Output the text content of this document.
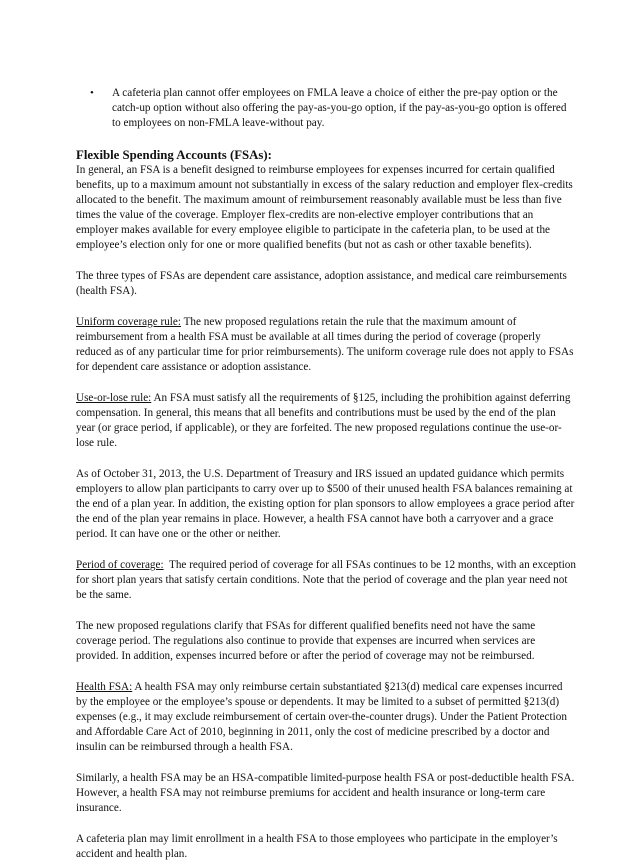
• A cafeteria plan cannot offer employees on FMLA leave a choice of either the pre-pay option or the catch-up option without also offering the pay-as-you-go option, if the pay-as-you-go option is offered to employees on non-FMLA leave-without pay.
Flexible Spending Accounts (FSAs):

In general, an FSA is a benefit designed to reimburse employees for expenses incurred for certain qualified benefits, up to a maximum amount not substantially in excess of the salary reduction and employer flex-credits allocated to the benefit. The maximum amount of reimbursement reasonably available must be less than five times the value of the coverage. Employer flex-credits are non-elective employer contributions that an employer makes available for every employee eligible to participate in the cafeteria plan, to be used at the employee’s election only for one or more qualified benefits (but not as cash or other taxable benefits).

The three types of FSAs are dependent care assistance, adoption assistance, and medical care reimbursements (health FSA).

Uniform coverage rule: The new proposed regulations retain the rule that the maximum amount of reimbursement from a health FSA must be available at all times during the period of coverage (properly reduced as of any particular time for prior reimbursements). The uniform coverage rule does not apply to FSAs for dependent care assistance or adoption assistance.

Use-or-lose rule: An FSA must satisfy all the requirements of §125, including the prohibition against deferring compensation. In general, this means that all benefits and contributions must be used by the end of the plan year (or grace period, if applicable), or they are forfeited. The new proposed regulations continue the use-or-lose rule.

As of October 31, 2013, the U.S. Department of Treasury and IRS issued an updated guidance which permits employers to allow plan participants to carry over up to $500 of their unused health FSA balances remaining at the end of a plan year. In addition, the existing option for plan sponsors to allow employees a grace period after the end of the plan year remains in place. However, a health FSA cannot have both a carryover and a grace period. It can have one or the other or neither.

Period of coverage:  The required period of coverage for all FSAs continues to be 12 months, with an exception for short plan years that satisfy certain conditions. Note that the period of coverage and the plan year need not be the same.

The new proposed regulations clarify that FSAs for different qualified benefits need not have the same coverage period. The regulations also continue to provide that expenses are incurred when services are provided. In addition, expenses incurred before or after the period of coverage may not be reimbursed.

Health FSA: A health FSA may only reimburse certain substantiated §213(d) medical care expenses incurred by the employee or the employee’s spouse or dependents. It may be limited to a subset of permitted §213(d) expenses (e.g., it may exclude reimbursement of certain over-the-counter drugs). Under the Patient Protection and Affordable Care Act of 2010, beginning in 2011, only the cost of medicine prescribed by a doctor and insulin can be reimbursed through a health FSA.

Similarly, a health FSA may be an HSA-compatible limited-purpose health FSA or post-deductible health FSA. However, a health FSA may not reimburse premiums for accident and health insurance or long-term care insurance.

A cafeteria plan may limit enrollment in a health FSA to those employees who participate in the employer’s accident and health plan.
